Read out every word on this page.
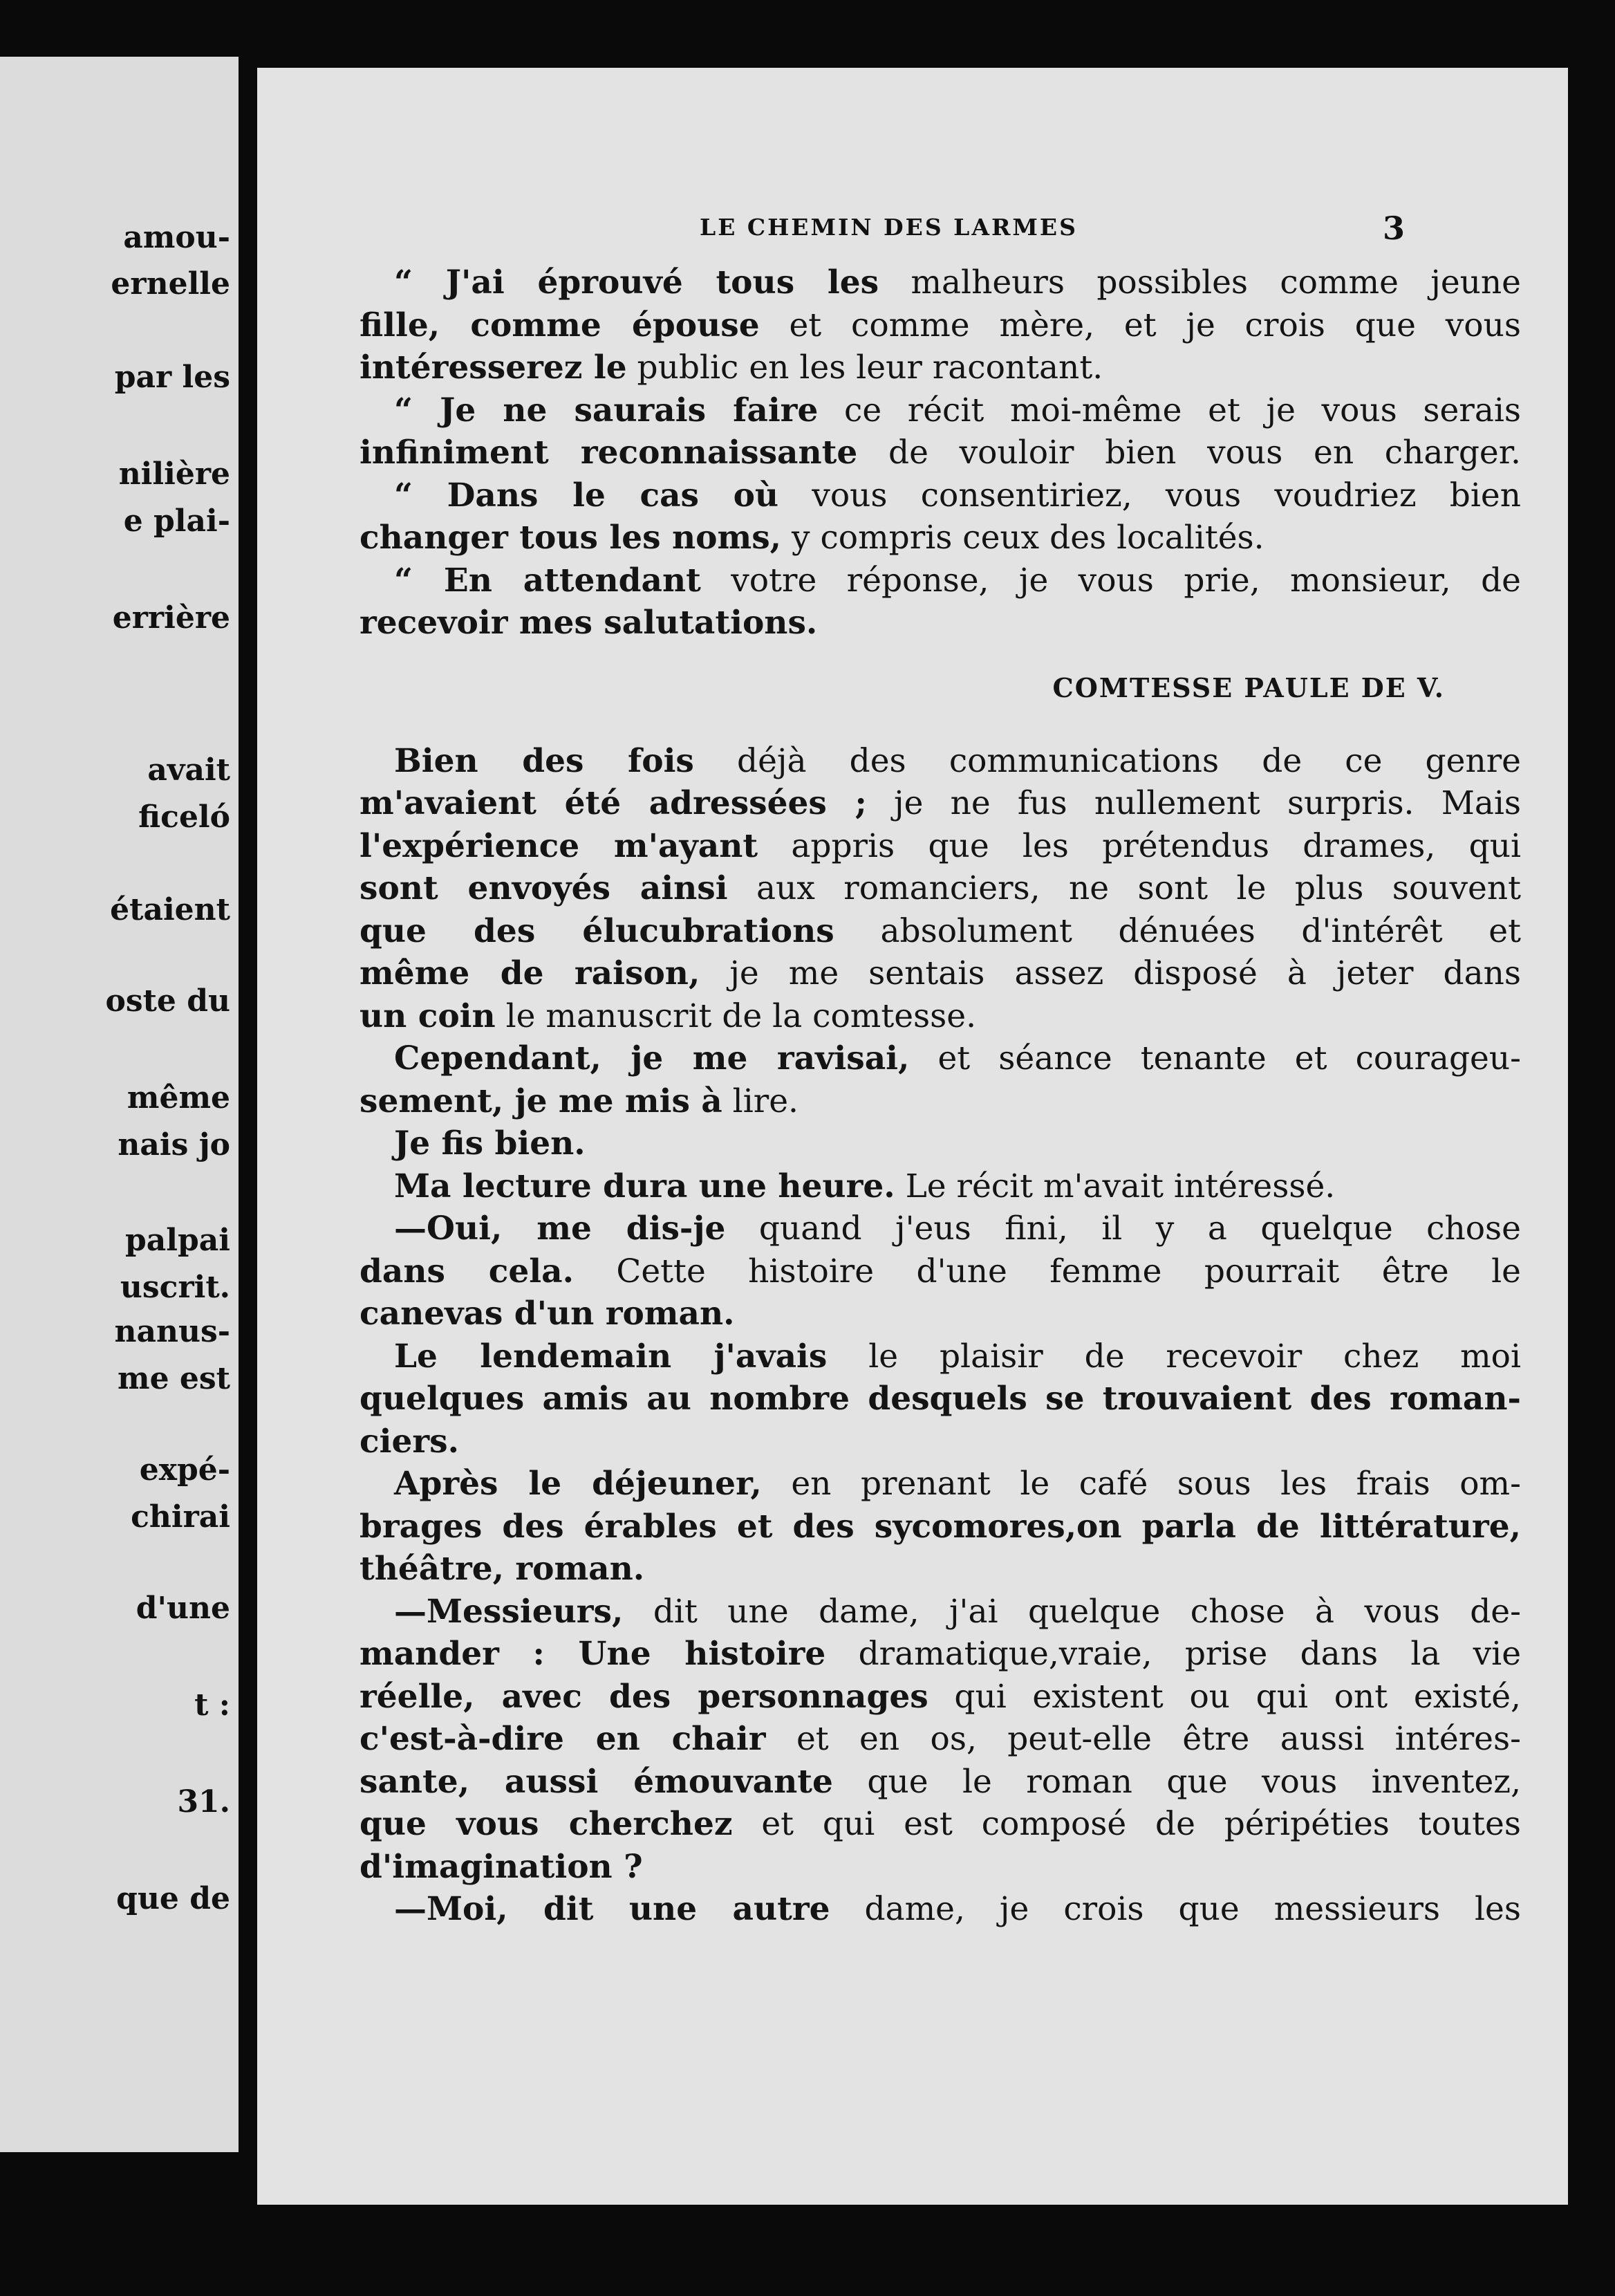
amou-
ernelle
par les
nilière
e plai-
errière
avait
ficeló
étaient
oste du
même
nais jo
palpai
uscrit.
nanus-
me est
expé-
chirai
d'une
t :
31.
que de
LE CHEMIN DES LARMES	3
“ J'ai éprouvé tous les malheurs possibles comme jeune
fille, comme épouse et comme mère, et je crois que vous
intéresserez le public en les leur racontant.
“ Je ne saurais faire ce récit moi-même et je vous serais
infiniment reconnaissante de vouloir bien vous en charger.
“ Dans le cas où vous consentiriez, vous voudriez bien
changer tous les noms, y compris ceux des localités.
“ En attendant votre réponse, je vous prie, monsieur, de
recevoir mes salutations.
COMTESSE PAULE DE V.
Bien des fois déjà des communications de ce genre
m'avaient été adressées ; je ne fus nullement surpris. Mais
l'expérience m'ayant appris que les prétendus drames, qui
sont envoyés ainsi aux romanciers, ne sont le plus souvent
que des élucubrations absolument dénuées d'intérêt et
même de raison, je me sentais assez disposé à jeter dans
un coin le manuscrit de la comtesse.
Cependant, je me ravisai, et séance tenante et courageu-
sement, je me mis à lire.
Je fis bien.
Ma lecture dura une heure. Le récit m'avait intéressé.
—Oui, me dis-je quand j'eus fini, il y a quelque chose
dans cela. Cette histoire d'une femme pourrait être le
canevas d'un roman.
Le lendemain j'avais le plaisir de recevoir chez moi
quelques amis au nombre desquels se trouvaient des roman-
ciers.
Après le déjeuner, en prenant le café sous les frais om-
brages des érables et des sycomores,on parla de littérature,
théâtre, roman.
—Messieurs, dit une dame, j'ai quelque chose à vous de-
mander : Une histoire dramatique,vraie, prise dans la vie
réelle, avec des personnages qui existent ou qui ont existé,
c'est-à-dire en chair et en os, peut-elle être aussi intéres-
sante, aussi émouvante que le roman que vous inventez,
que vous cherchez et qui est composé de péripéties toutes
d'imagination ?
—Moi, dit une autre dame, je crois que messieurs les
